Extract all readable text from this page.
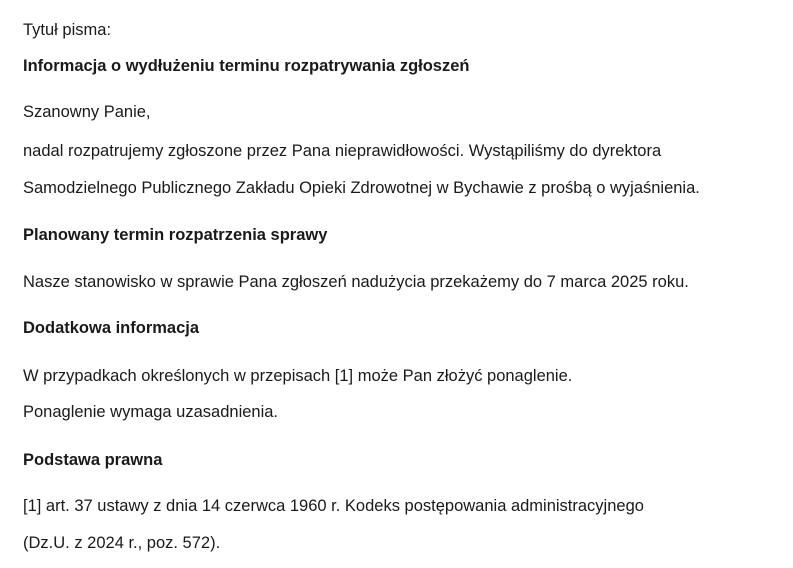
Tytuł pisma:
Informacja o wydłużeniu terminu rozpatrywania zgłoszeń
Szanowny Panie,
nadal rozpatrujemy zgłoszone przez Pana nieprawidłowości. Wystąpiliśmy do dyrektora
Samodzielnego Publicznego Zakładu Opieki Zdrowotnej w Bychawie z prośbą o wyjaśnienia.
Planowany termin rozpatrzenia sprawy
Nasze stanowisko w sprawie Pana zgłoszeń nadużycia przekażemy do 7 marca 2025 roku.
Dodatkowa informacja
W przypadkach określonych w przepisach [1] może Pan złożyć ponaglenie.
Ponaglenie wymaga uzasadnienia.
Podstawa prawna
[1] art. 37 ustawy z dnia 14 czerwca 1960 r. Kodeks postępowania administracyjnego
(Dz.U. z 2024 r., poz. 572).
